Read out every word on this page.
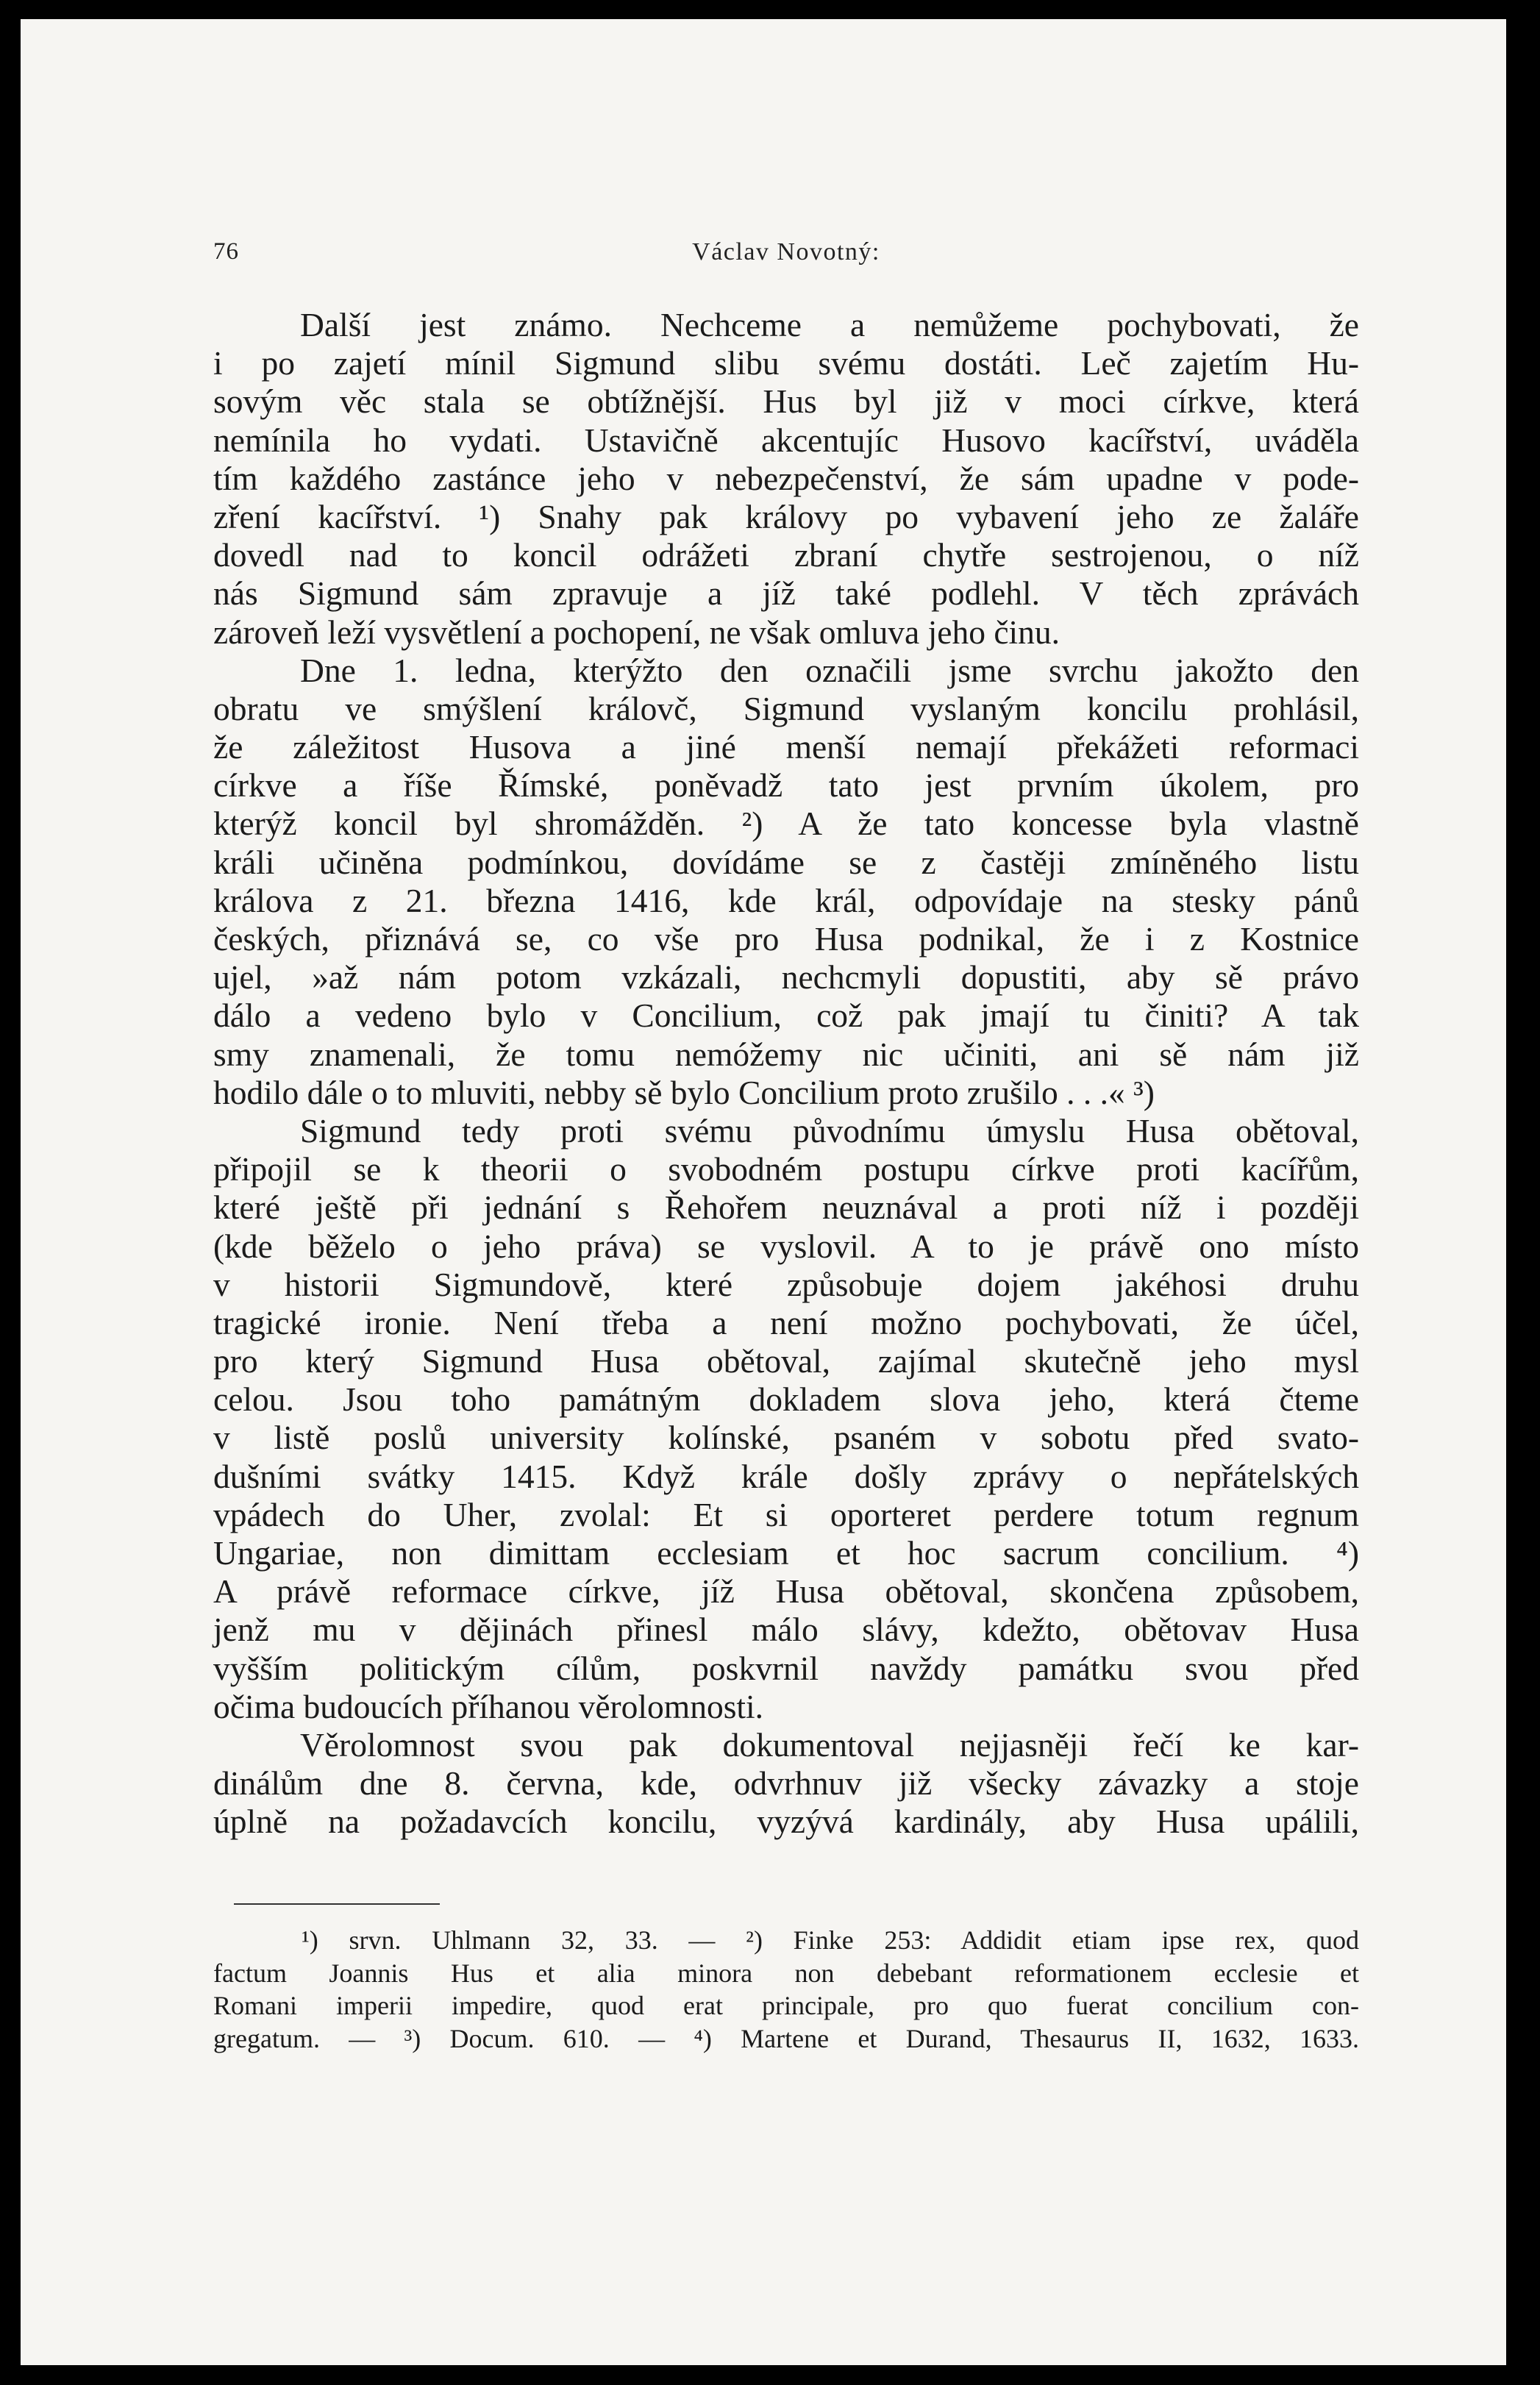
76	Václav Novotný:
Další jest známo. Nechceme a nemůžeme pochybovati, že
i po zajetí mínil Sigmund slibu svému dostáti. Leč zajetím Hu-
sovým věc stala se obtížnější. Hus byl již v moci církve, která
nemínila ho vydati. Ustavičně akcentujíc Husovo kacířství, uváděla
tím každého zastánce jeho v nebezpečenství, že sám upadne v pode-
zření kacířství. ¹) Snahy pak královy po vybavení jeho ze žaláře
dovedl nad to koncil odrážeti zbraní chytře sestrojenou, o níž
nás Sigmund sám zpravuje a jíž také podlehl. V těch zprávách
zároveň leží vysvětlení a pochopení, ne však omluva jeho činu.
Dne 1. ledna, kterýžto den označili jsme svrchu jakožto den
obratu ve smýšlení královč, Sigmund vyslaným koncilu prohlásil,
že záležitost Husova a jiné menší nemají překážeti reformaci
církve a říše Římské, poněvadž tato jest prvním úkolem, pro
kterýž koncil byl shromážděn. ²) A že tato koncesse byla vlastně
králi učiněna podmínkou, dovídáme se z častěji zmíněného listu
králova z 21. března 1416, kde král, odpovídaje na stesky pánů
českých, přiznává se, co vše pro Husa podnikal, že i z Kostnice
ujel, »až nám potom vzkázali, nechcmyli dopustiti, aby sě právo
dálo a vedeno bylo v Concilium, což pak jmají tu činiti? A tak
smy znamenali, že tomu nemóžemy nic učiniti, ani sě nám již
hodilo dále o to mluviti, nebby sě bylo Concilium proto zrušilo . . .« ³)
Sigmund tedy proti svému původnímu úmyslu Husa obětoval,
připojil se k theorii o svobodném postupu církve proti kacířům,
které ještě při jednání s Řehořem neuznával a proti níž i později
(kde běželo o jeho práva) se vyslovil. A to je právě ono místo
v historii Sigmundově, které způsobuje dojem jakéhosi druhu
tragické ironie. Není třeba a není možno pochybovati, že účel,
pro který Sigmund Husa obětoval, zajímal skutečně jeho mysl
celou. Jsou toho památným dokladem slova jeho, která čteme
v listě poslů university kolínské, psaném v sobotu před svato-
dušními svátky 1415. Když krále došly zprávy o nepřátelských
vpádech do Uher, zvolal: Et si oporteret perdere totum regnum
Ungariae, non dimittam ecclesiam et hoc sacrum concilium. ⁴)
A právě reformace církve, jíž Husa obětoval, skončena způsobem,
jenž mu v dějinách přinesl málo slávy, kdežto, obětovav Husa
vyšším politickým cílům, poskvrnil navždy památku svou před
očima budoucích příhanou věrolomnosti.
Věrolomnost svou pak dokumentoval nejjasněji řečí ke kar-
dinálům dne 8. června, kde, odvrhnuv již všecky závazky a stoje
úplně na požadavcích koncilu, vyzývá kardinály, aby Husa upálili,
¹) srvn. Uhlmann 32, 33. — ²) Finke 253: Addidit etiam ipse rex, quod
factum Joannis Hus et alia minora non debebant reformationem ecclesie et
Romani imperii impedire, quod erat principale, pro quo fuerat concilium con-
gregatum. — ³) Docum. 610. — ⁴) Martene et Durand, Thesaurus II, 1632, 1633.
